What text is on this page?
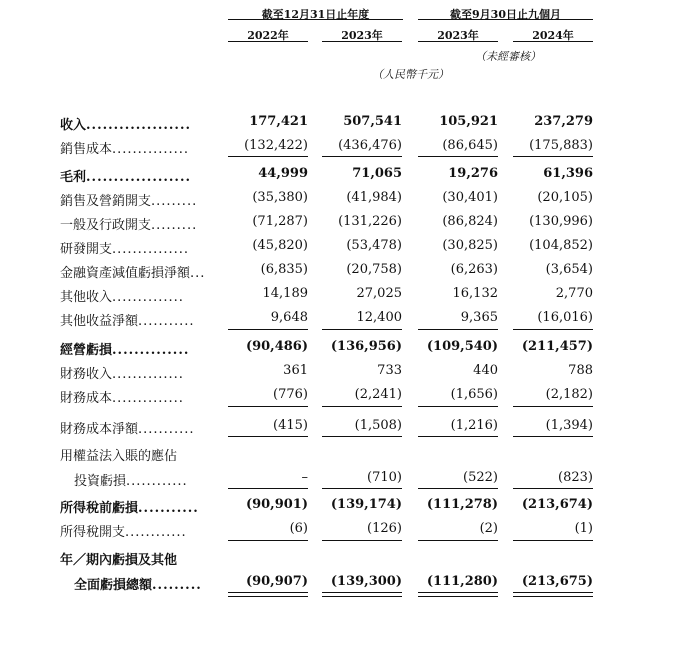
截至12月31日止年度	截至9月30日止九個月
2022年	2023年	2023年	2024年
（未經審核）
（人民幣千元）
收入...................	177,421	507,541	105,921	237,279
銷售成本...............	(132,422)	(436,476)	(86,645)	(175,883)
毛利...................	44,999	71,065	19,276	61,396
銷售及營銷開支.........	(35,380)	(41,984)	(30,401)	(20,105)
一般及行政開支.........	(71,287)	(131,226)	(86,824)	(130,996)
研發開支...............	(45,820)	(53,478)	(30,825)	(104,852)
金融資產減值虧損淨額...	(6,835)	(20,758)	(6,263)	(3,654)
其他收入..............	14,189	27,025	16,132	2,770
其他收益淨額...........	9,648	12,400	9,365	(16,016)
經營虧損..............	(90,486)	(136,956)	(109,540)	(211,457)
財務收入..............	361	733	440	788
財務成本..............	(776)	(2,241)	(1,656)	(2,182)
財務成本淨額...........	(415)	(1,508)	(1,216)	(1,394)
用權益法入賬的應佔
投資虧損............	–	(710)	(522)	(823)
所得稅前虧損...........	(90,901)	(139,174)	(111,278)	(213,674)
所得稅開支............	(6)	(126)	(2)	(1)
年／期內虧損及其他
全面虧損總額.........	(90,907)	(139,300)	(111,280)	(213,675)
